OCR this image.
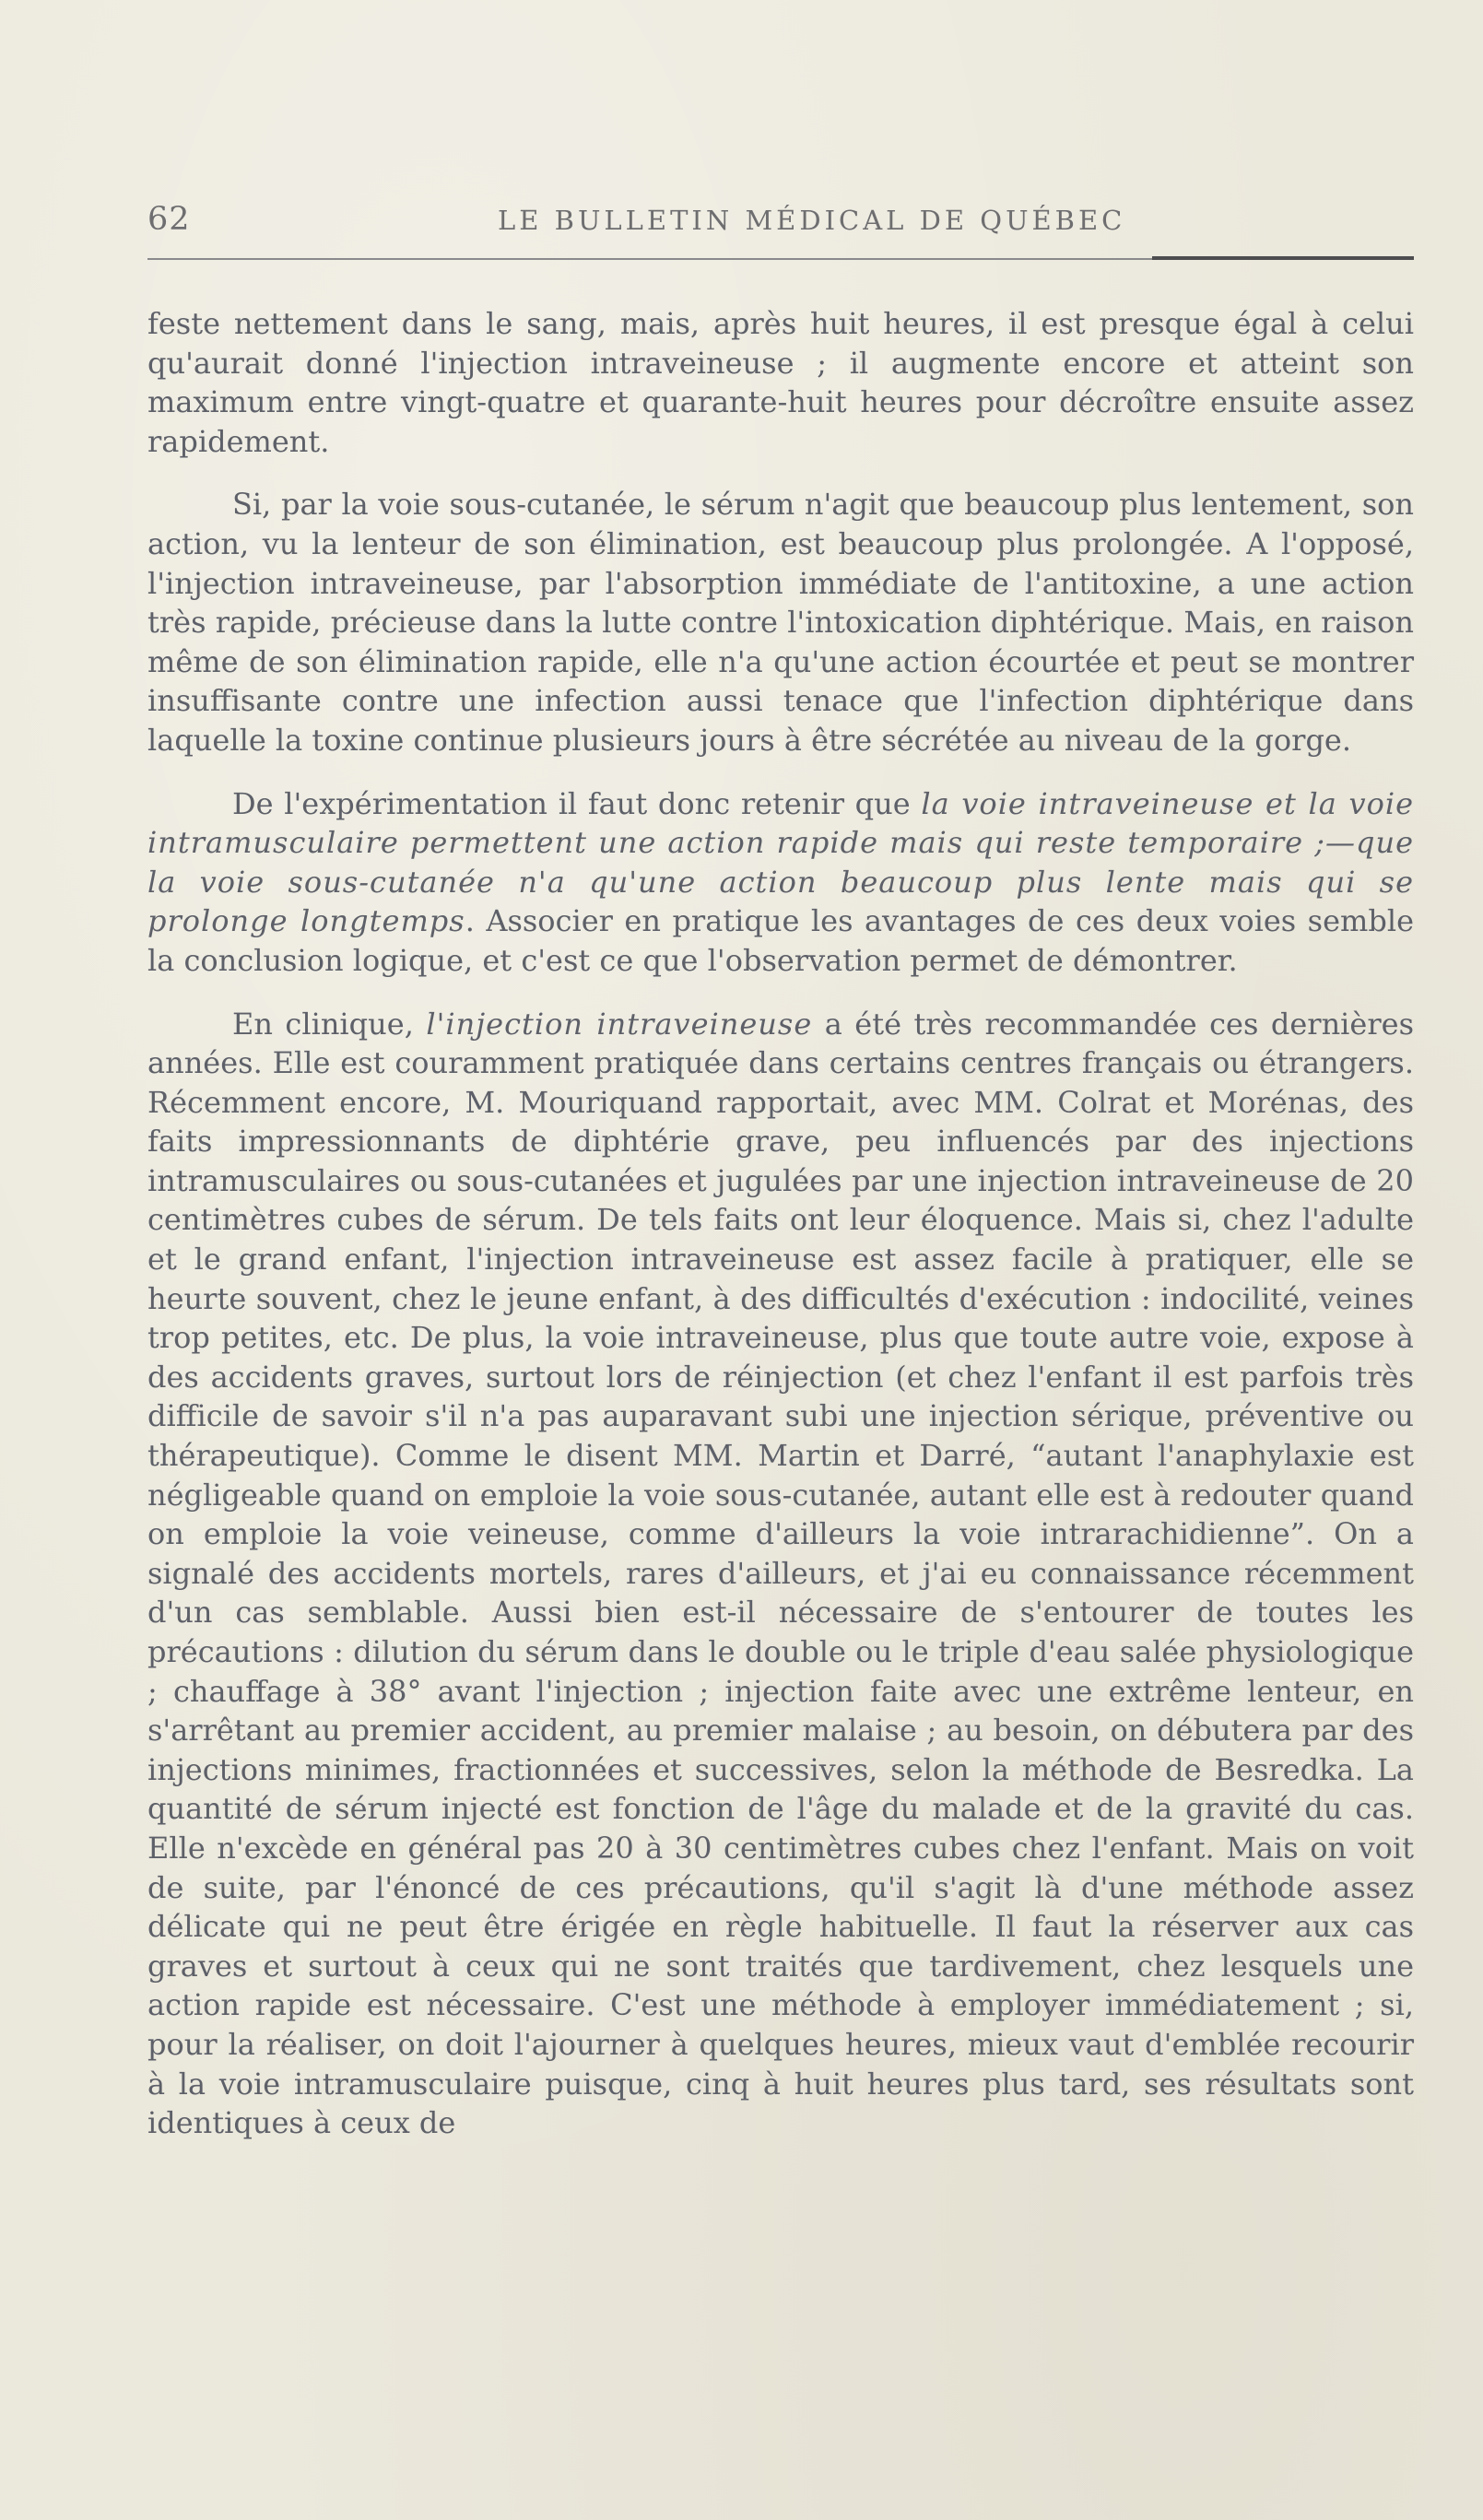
62	LE BULLETIN MÉDICAL DE QUÉBEC

feste nettement dans le sang, mais, après huit heures, il est presque égal à celui qu'aurait donné l'injection intraveineuse ; il augmente encore et atteint son maximum entre vingt-quatre et quarante-huit heures pour décroître ensuite assez rapidement.

Si, par la voie sous-cutanée, le sérum n'agit que beaucoup plus lentement, son action, vu la lenteur de son élimination, est beaucoup plus prolongée. A l'opposé, l'injection intraveineuse, par l'absorption immédiate de l'antitoxine, a une action très rapide, précieuse dans la lutte contre l'intoxication diphtérique. Mais, en raison même de son élimination rapide, elle n'a qu'une action écourtée et peut se montrer insuffisante contre une infection aussi tenace que l'infection diphtérique dans laquelle la toxine continue plusieurs jours à être sécrétée au niveau de la gorge.

De l'expérimentation il faut donc retenir que la voie intraveineuse et la voie intramusculaire permettent une action rapide mais qui reste temporaire ;—que la voie sous-cutanée n'a qu'une action beaucoup plus lente mais qui se prolonge longtemps. Associer en pratique les avantages de ces deux voies semble la conclusion logique, et c'est ce que l'observation permet de démontrer.

En clinique, l'injection intraveineuse a été très recommandée ces dernières années. Elle est couramment pratiquée dans certains centres français ou étrangers. Récemment encore, M. Mouriquand rapportait, avec MM. Colrat et Morénas, des faits impressionnants de diphtérie grave, peu influencés par des injections intramusculaires ou sous-cutanées et jugulées par une injection intraveineuse de 20 centimètres cubes de sérum. De tels faits ont leur éloquence. Mais si, chez l'adulte et le grand enfant, l'injection intraveineuse est assez facile à pratiquer, elle se heurte souvent, chez le jeune enfant, à des difficultés d'exécution : indocilité, veines trop petites, etc. De plus, la voie intraveineuse, plus que toute autre voie, expose à des accidents graves, surtout lors de réinjection (et chez l'enfant il est parfois très difficile de savoir s'il n'a pas auparavant subi une injection sérique, préventive ou thérapeutique). Comme le disent MM. Martin et Darré, “autant l'anaphylaxie est négligeable quand on emploie la voie sous-cutanée, autant elle est à redouter quand on emploie la voie veineuse, comme d'ailleurs la voie intrarachidienne”. On a signalé des accidents mortels, rares d'ailleurs, et j'ai eu connaissance récemment d'un cas semblable. Aussi bien est-il nécessaire de s'entourer de toutes les précautions : dilution du sérum dans le double ou le triple d'eau salée physiologique ; chauffage à 38° avant l'injection ; injection faite avec une extrême lenteur, en s'arrêtant au premier accident, au premier malaise ; au besoin, on débutera par des injections minimes, fractionnées et successives, selon la méthode de Besredka. La quantité de sérum injecté est fonction de l'âge du malade et de la gravité du cas. Elle n'excède en général pas 20 à 30 centimètres cubes chez l'enfant. Mais on voit de suite, par l'énoncé de ces précautions, qu'il s'agit là d'une méthode assez délicate qui ne peut être érigée en règle habituelle. Il faut la réserver aux cas graves et surtout à ceux qui ne sont traités que tardivement, chez lesquels une action rapide est nécessaire. C'est une méthode à employer immédiatement ; si, pour la réaliser, on doit l'ajourner à quelques heures, mieux vaut d'emblée recourir à la voie intramusculaire puisque, cinq à huit heures plus tard, ses résultats sont identiques à ceux de
